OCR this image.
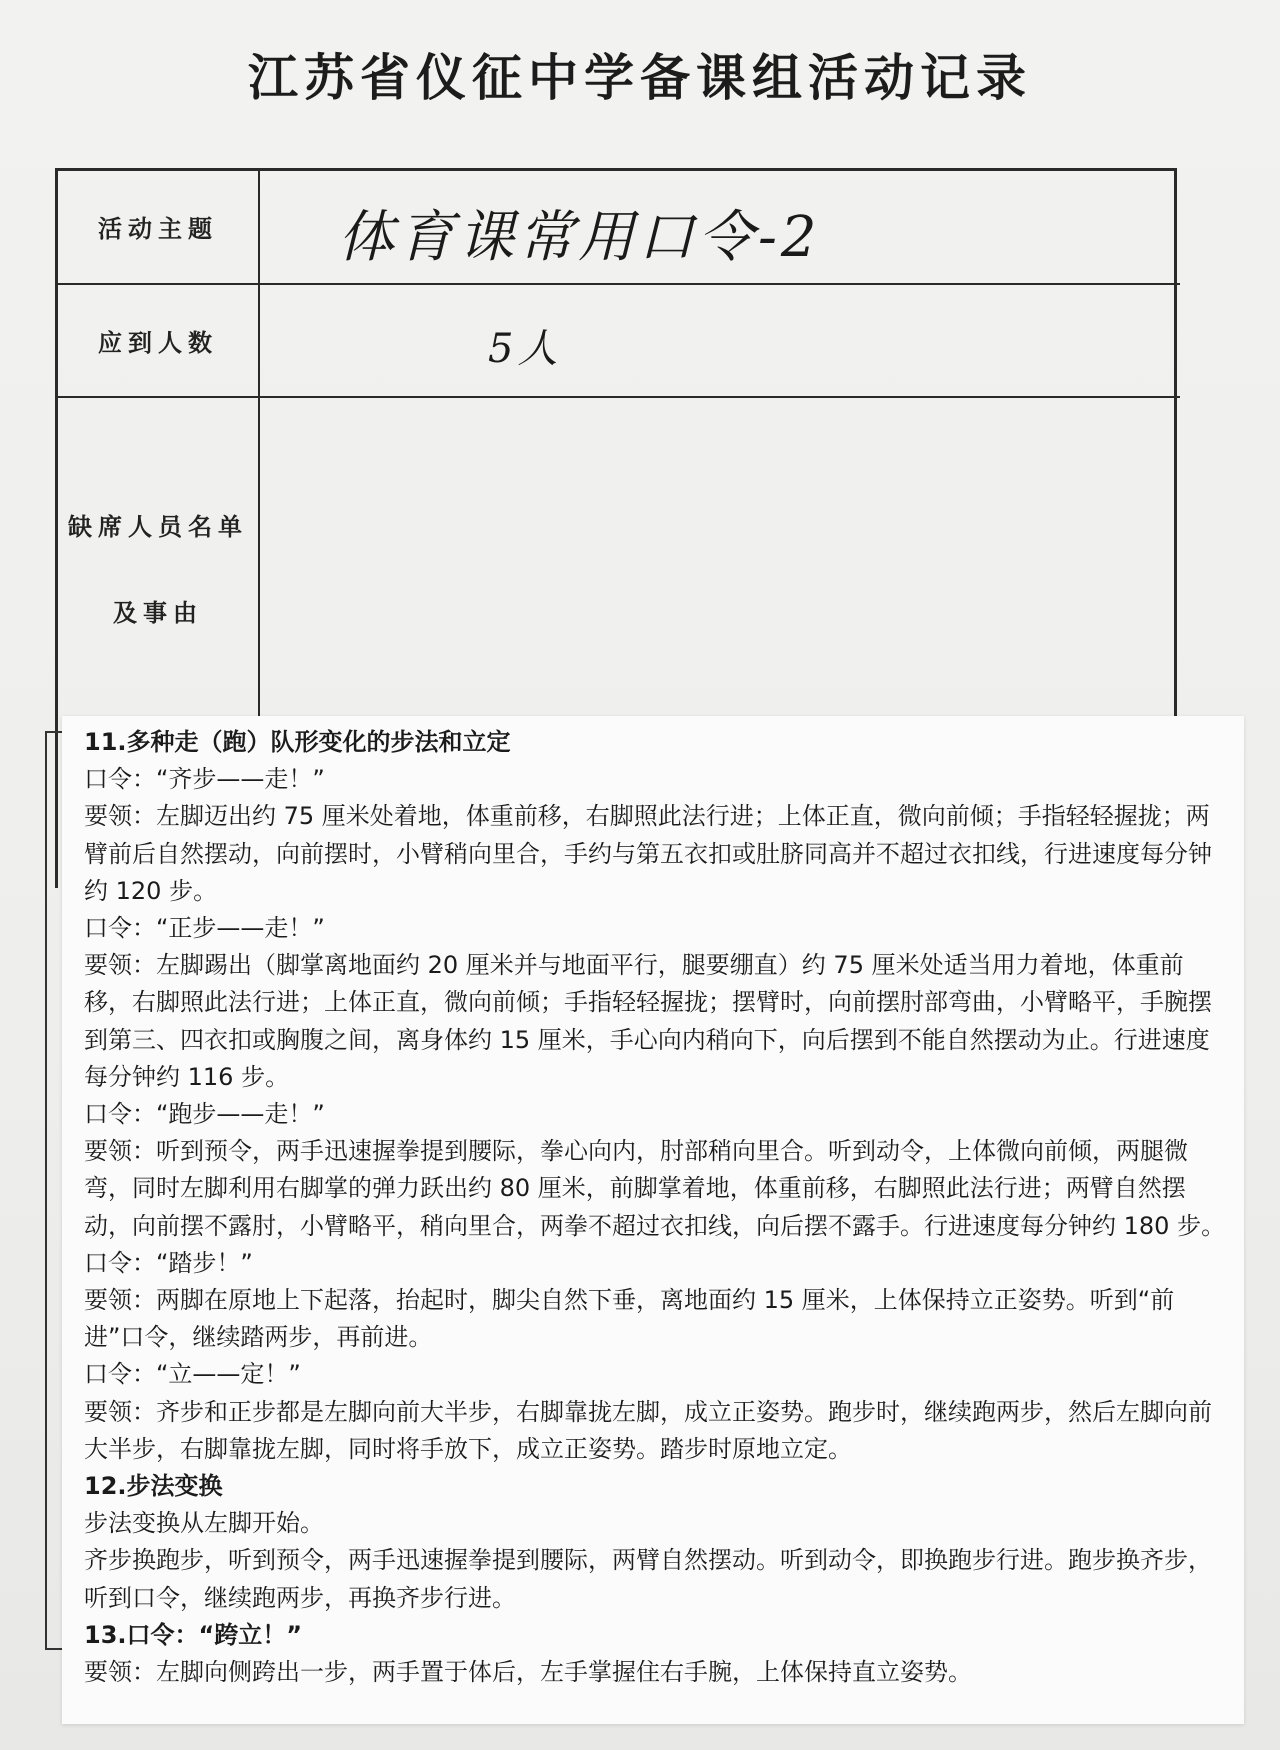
江苏省仪征中学备课组活动记录
活动主题	体育课常用口令-2
应到人数	5人
缺席人员名单
及事由

11.多种走（跑）队形变化的步法和立定

口令：“齐步——走！”

要领：左脚迈出约 75 厘米处着地，体重前移，右脚照此法行进；上体正直，微向前倾；手指轻轻握拢；两臂前后自然摆动，向前摆时，小臂稍向里合，手约与第五衣扣或肚脐同高并不超过衣扣线，行进速度每分钟约 120 步。

口令：“正步——走！”

要领：左脚踢出（脚掌离地面约 20 厘米并与地面平行，腿要绷直）约 75 厘米处适当用力着地，体重前移，右脚照此法行进；上体正直，微向前倾；手指轻轻握拢；摆臂时，向前摆肘部弯曲，小臂略平，手腕摆到第三、四衣扣或胸腹之间，离身体约 15 厘米，手心向内稍向下，向后摆到不能自然摆动为止。行进速度每分钟约 116 步。

口令：“跑步——走！”

要领：听到预令，两手迅速握拳提到腰际，拳心向内，肘部稍向里合。听到动令，上体微向前倾，两腿微弯，同时左脚利用右脚掌的弹力跃出约 80 厘米，前脚掌着地，体重前移，右脚照此法行进；两臂自然摆动，向前摆不露肘，小臂略平，稍向里合，两拳不超过衣扣线，向后摆不露手。行进速度每分钟约 180 步。

口令：“踏步！”

要领：两脚在原地上下起落，抬起时，脚尖自然下垂，离地面约 15 厘米，上体保持立正姿势。听到“前进”口令，继续踏两步，再前进。

口令：“立——定！”

要领：齐步和正步都是左脚向前大半步，右脚靠拢左脚，成立正姿势。跑步时，继续跑两步，然后左脚向前大半步，右脚靠拢左脚，同时将手放下，成立正姿势。踏步时原地立定。

12.步法变换

步法变换从左脚开始。

齐步换跑步，听到预令，两手迅速握拳提到腰际，两臂自然摆动。听到动令，即换跑步行进。跑步换齐步，听到口令，继续跑两步，再换齐步行进。

13.口令：“跨立！”

要领：左脚向侧跨出一步，两手置于体后，左手掌握住右手腕，上体保持直立姿势。
